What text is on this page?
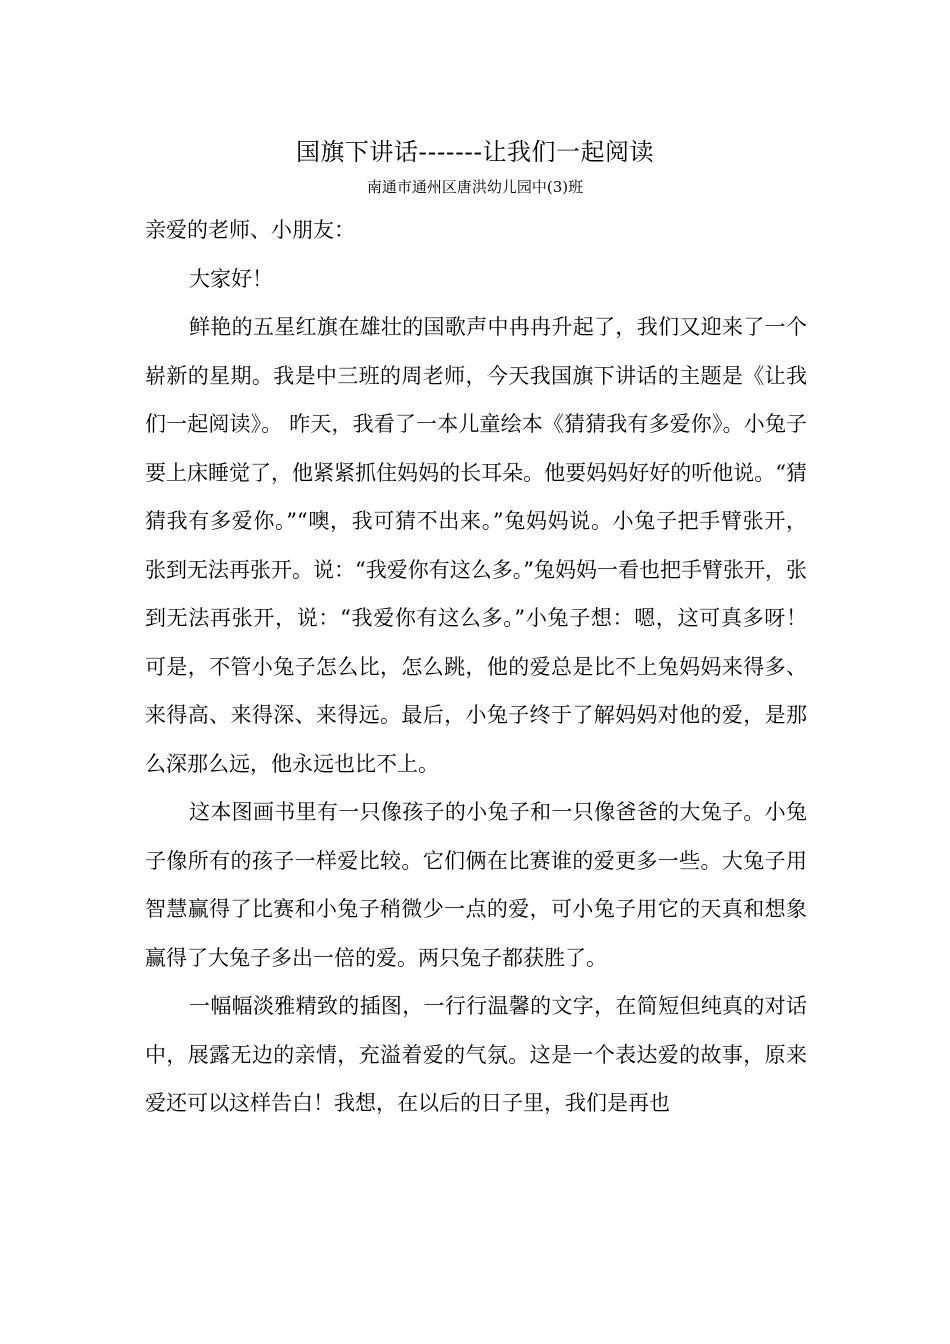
国旗下讲话-------让我们一起阅读
南通市通州区唐洪幼儿园中(3)班

亲爱的老师、小朋友：

大家好！

鲜艳的五星红旗在雄壮的国歌声中冉冉升起了，我们又迎来了一个崭新的星期。我是中三班的周老师，今天我国旗下讲话的主题是《让我们一起阅读》。 昨天，我看了一本儿童绘本《猜猜我有多爱你》。小兔子要上床睡觉了，他紧紧抓住妈妈的长耳朵。他要妈妈好好的听他说。“猜猜我有多爱你。”“噢，我可猜不出来。”兔妈妈说。小兔子把手臂张开，张到无法再张开。说：“我爱你有这么多。”兔妈妈一看也把手臂张开，张到无法再张开，说：“我爱你有这么多。”小兔子想：嗯，这可真多呀！　　可是，不管小兔子怎么比，怎么跳，他的爱总是比不上兔妈妈来得多、来得高、来得深、来得远。最后，小兔子终于了解妈妈对他的爱，是那么深那么远，他永远也比不上。

这本图画书里有一只像孩子的小兔子和一只像爸爸的大兔子。小兔子像所有的孩子一样爱比较。它们俩在比赛谁的爱更多一些。大兔子用智慧赢得了比赛和小兔子稍微少一点的爱，可小兔子用它的天真和想象赢得了大兔子多出一倍的爱。两只兔子都获胜了。

一幅幅淡雅精致的插图，一行行温馨的文字，在简短但纯真的对话中，展露无边的亲情，充溢着爱的气氛。这是一个表达爱的故事，原来爱还可以这样告白！我想，在以后的日子里，我们是再也
